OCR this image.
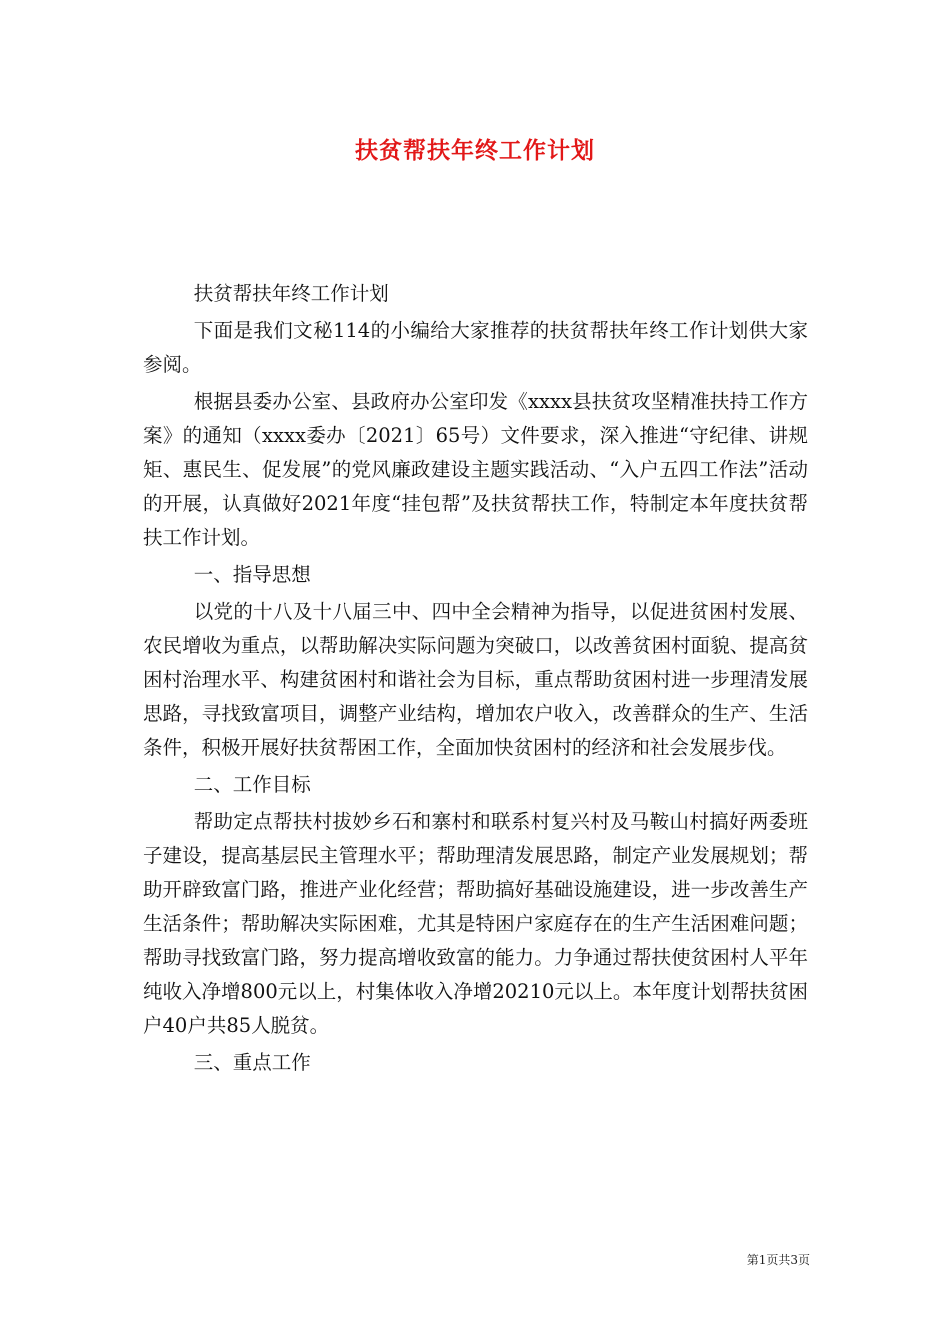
扶贫帮扶年终工作计划

扶贫帮扶年终工作计划

下面是我们文秘114的小编给大家推荐的扶贫帮扶年终工作计划供大家参阅。

根据县委办公室、县政府办公室印发《xxxx县扶贫攻坚精准扶持工作方案》的通知（xxxx委办〔2021〕65号）文件要求，深入推进“守纪律、讲规矩、惠民生、促发展”的党风廉政建设主题实践活动、“入户五四工作法”活动的开展，认真做好2021年度“挂包帮”及扶贫帮扶工作，特制定本年度扶贫帮扶工作计划。

一、指导思想

以党的十八及十八届三中、四中全会精神为指导，以促进贫困村发展、农民增收为重点，以帮助解决实际问题为突破口，以改善贫困村面貌、提高贫困村治理水平、构建贫困村和谐社会为目标，重点帮助贫困村进一步理清发展思路，寻找致富项目，调整产业结构，增加农户收入，改善群众的生产、生活条件，积极开展好扶贫帮困工作，全面加快贫困村的经济和社会发展步伐。

二、工作目标

帮助定点帮扶村拔妙乡石和寨村和联系村复兴村及马鞍山村搞好两委班子建设，提高基层民主管理水平；帮助理清发展思路，制定产业发展规划；帮助开辟致富门路，推进产业化经营；帮助搞好基础设施建设，进一步改善生产生活条件；帮助解决实际困难，尤其是特困户家庭存在的生产生活困难问题；帮助寻找致富门路，努力提高增收致富的能力。力争通过帮扶使贫困村人平年纯收入净增800元以上，村集体收入净增20210元以上。本年度计划帮扶贫困户40户共85人脱贫。

三、重点工作

第1页共3页
